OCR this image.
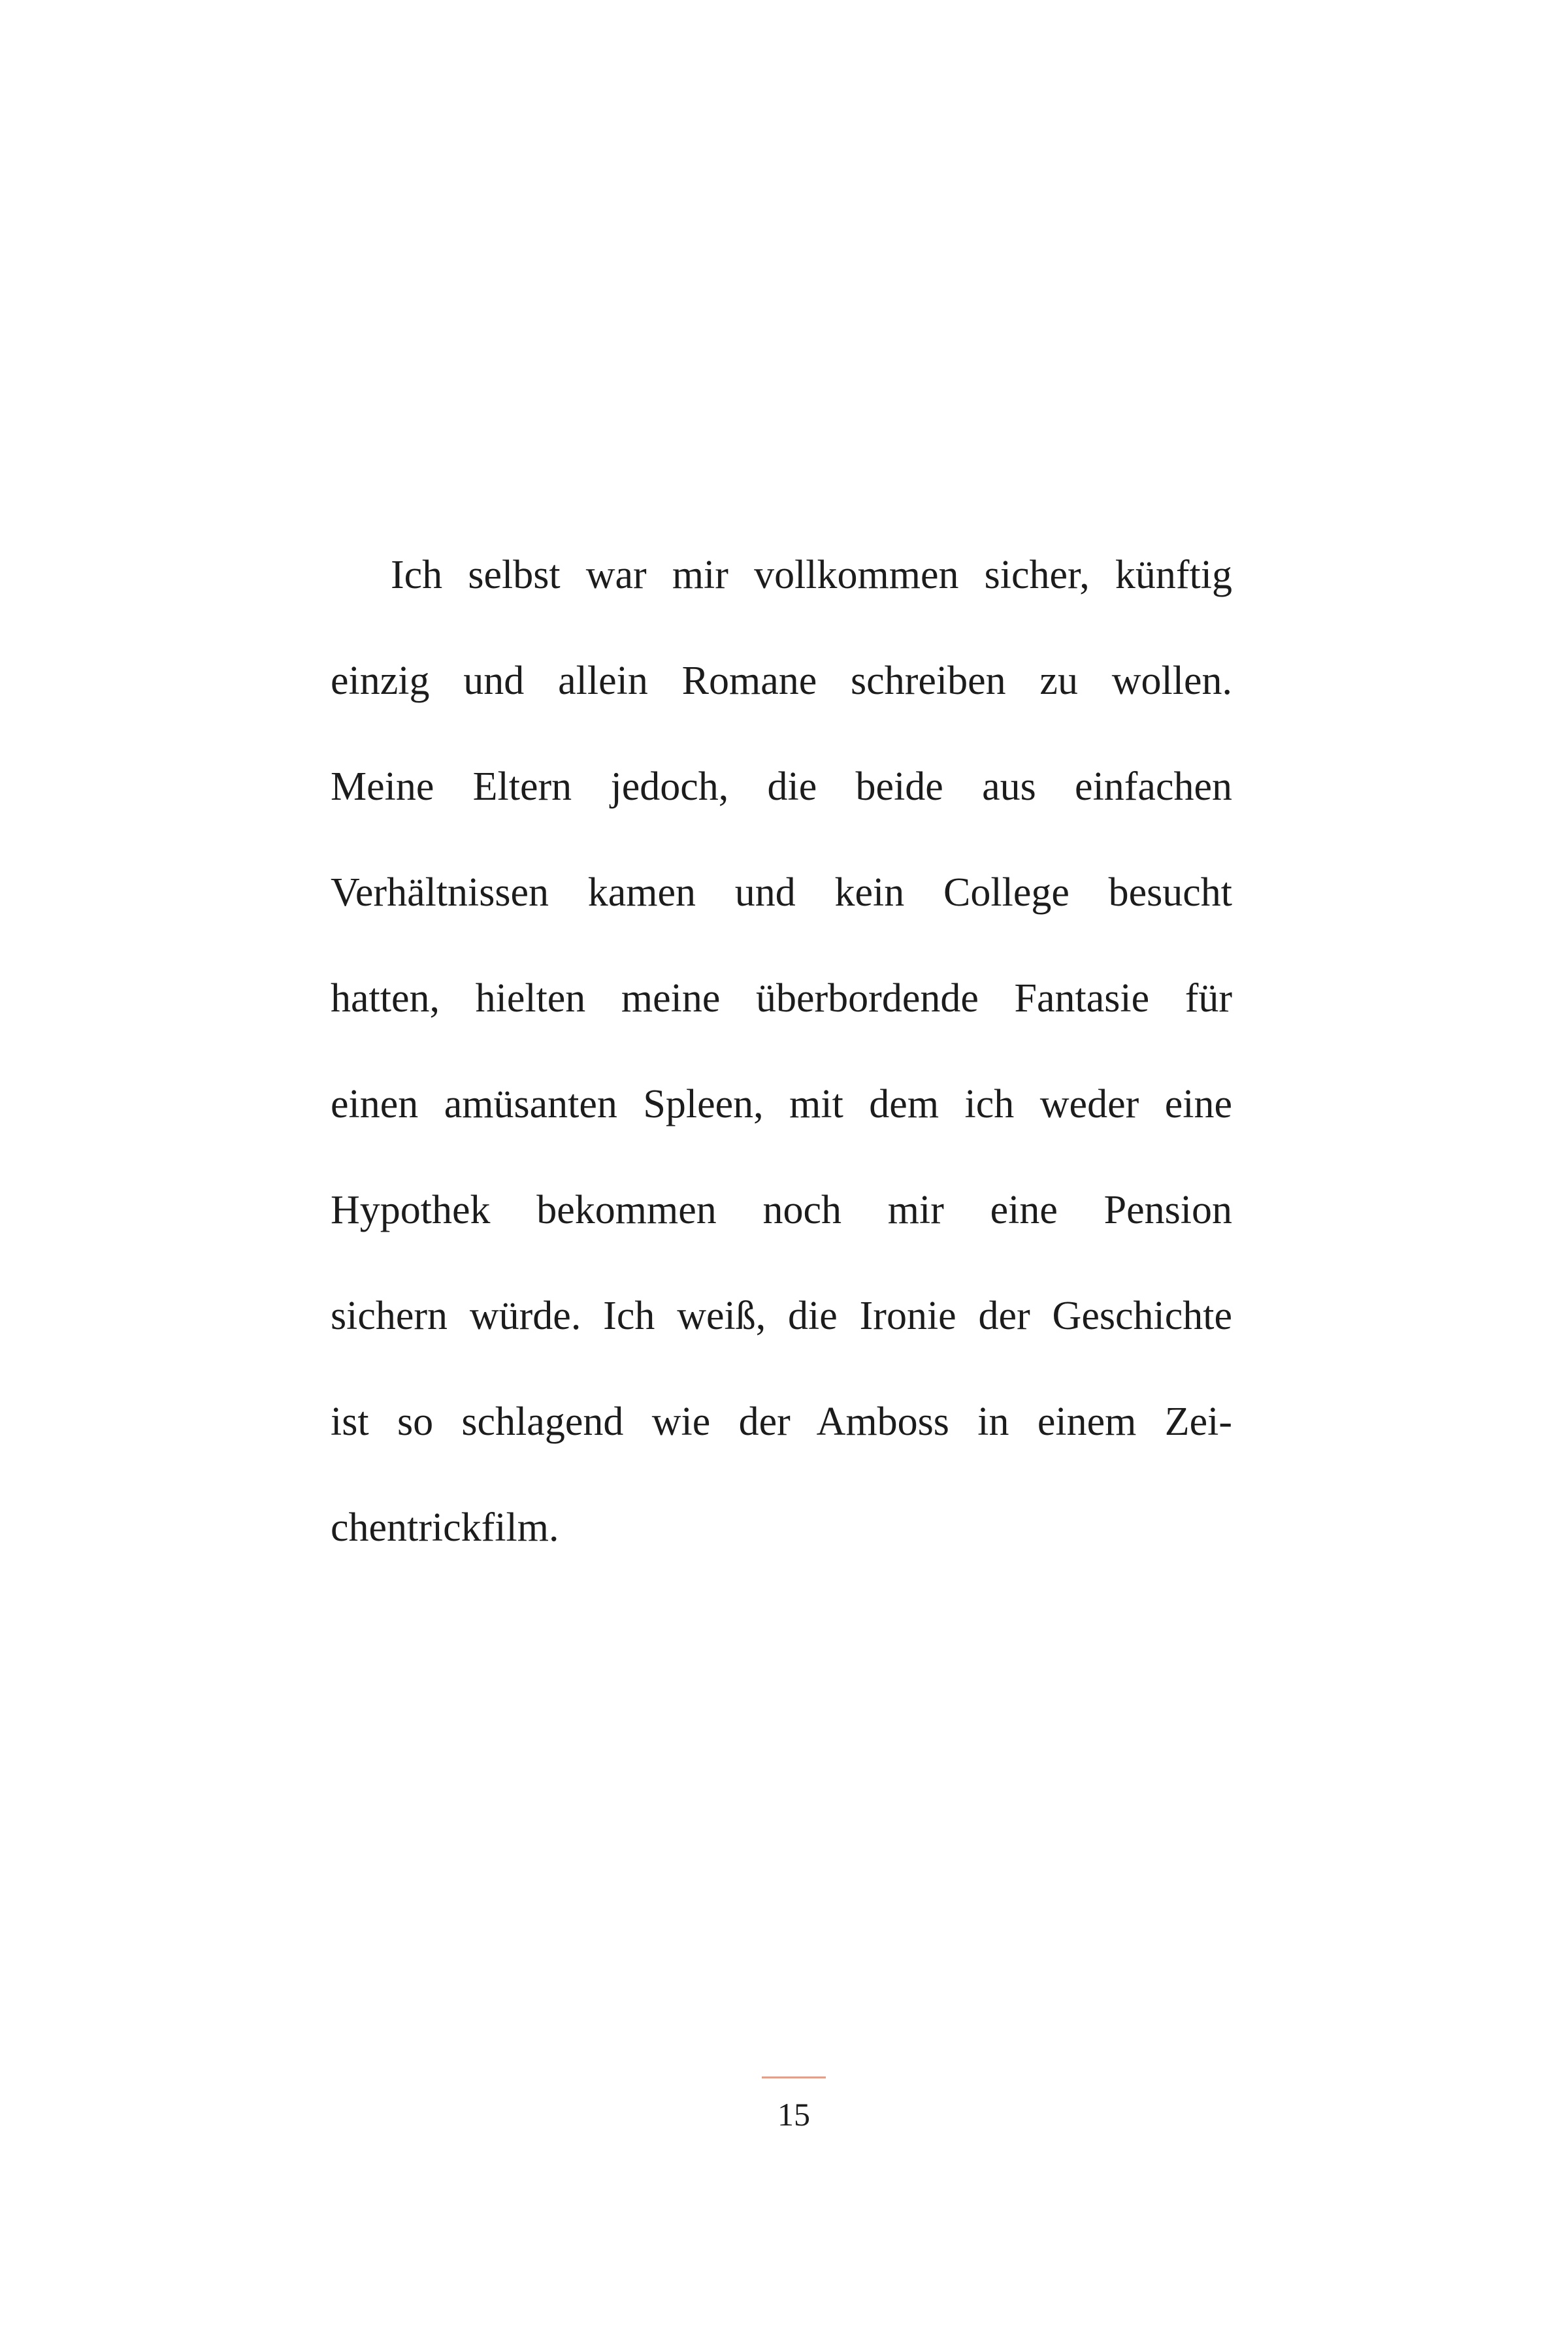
Ich selbst war mir vollkommen sicher, künftig
einzig und allein Romane schreiben zu wollen.
Meine Eltern jedoch, die beide aus einfachen
Verhältnissen kamen und kein College besucht
hatten, hielten meine überbordende Fantasie für
einen amüsanten Spleen, mit dem ich weder eine
Hypothek bekommen noch mir eine Pension
sichern würde. Ich weiß, die Ironie der Geschichte
ist so schlagend wie der Amboss in einem Zei-
chentrickfilm.
15
